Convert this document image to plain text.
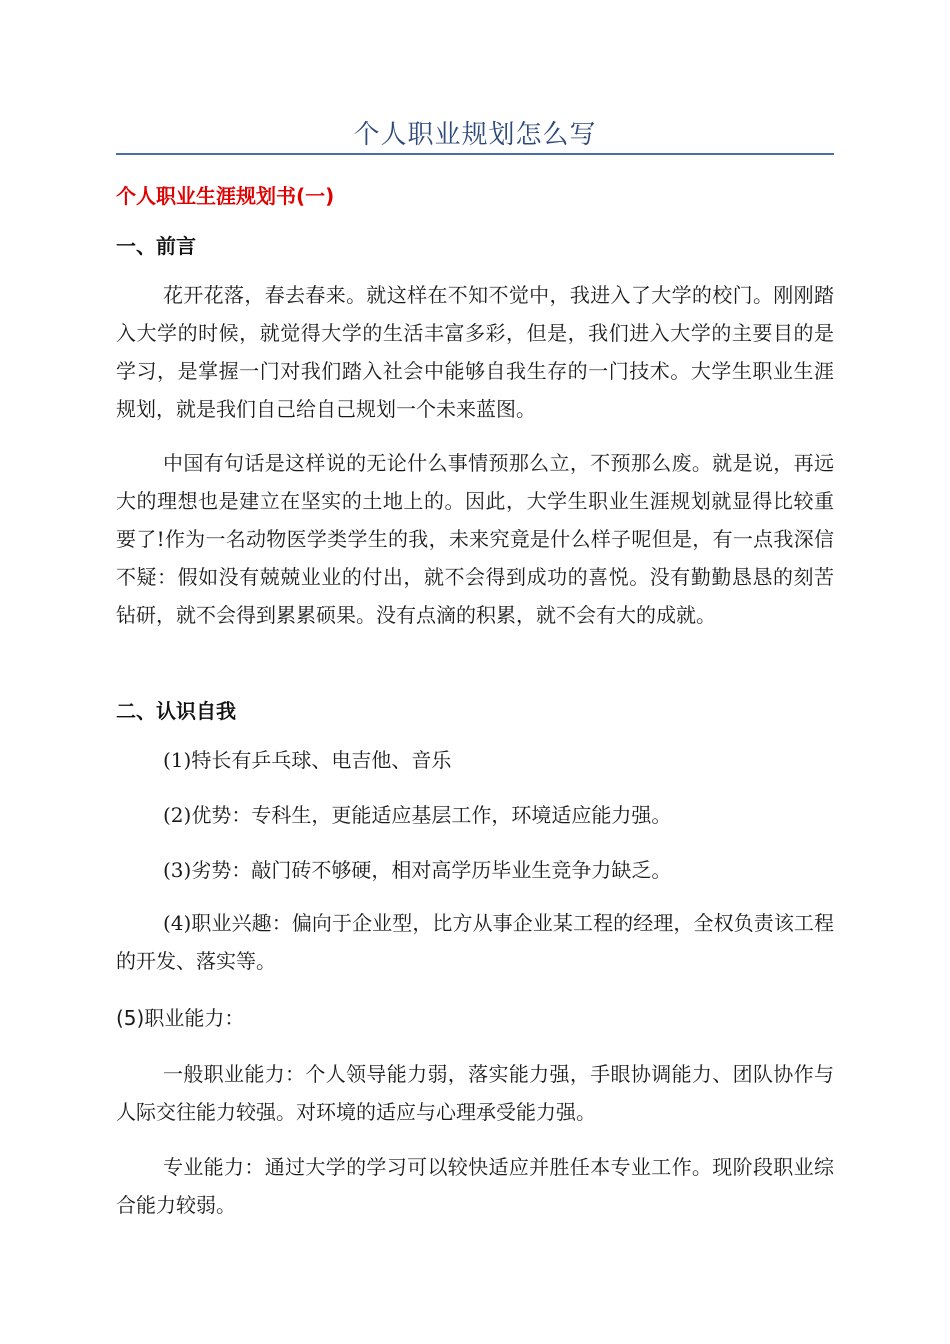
个人职业规划怎么写
个人职业生涯规划书(一)
一、前言

花开花落，春去春来。就这样在不知不觉中，我进入了大学的校门。刚刚踏入大学的时候，就觉得大学的生活丰富多彩，但是，我们进入大学的主要目的是学习，是掌握一门对我们踏入社会中能够自我生存的一门技术。大学生职业生涯规划，就是我们自己给自己规划一个未来蓝图。

中国有句话是这样说的无论什么事情预那么立，不预那么废。就是说，再远大的理想也是建立在坚实的土地上的。因此，大学生职业生涯规划就显得比较重要了!作为一名动物医学类学生的我，未来究竟是什么样子呢但是，有一点我深信不疑：假如没有兢兢业业的付出，就不会得到成功的喜悦。没有勤勤恳恳的刻苦钻研，就不会得到累累硕果。没有点滴的积累，就不会有大的成就。

二、认识自我

(1)特长有乒乓球、电吉他、音乐

(2)优势：专科生，更能适应基层工作，环境适应能力强。

(3)劣势：敲门砖不够硬，相对高学历毕业生竞争力缺乏。

(4)职业兴趣：偏向于企业型，比方从事企业某工程的经理，全权负责该工程的开发、落实等。

(5)职业能力：

一般职业能力：个人领导能力弱，落实能力强，手眼协调能力、团队协作与人际交往能力较强。对环境的适应与心理承受能力强。

专业能力：通过大学的学习可以较快适应并胜任本专业工作。现阶段职业综合能力较弱。
